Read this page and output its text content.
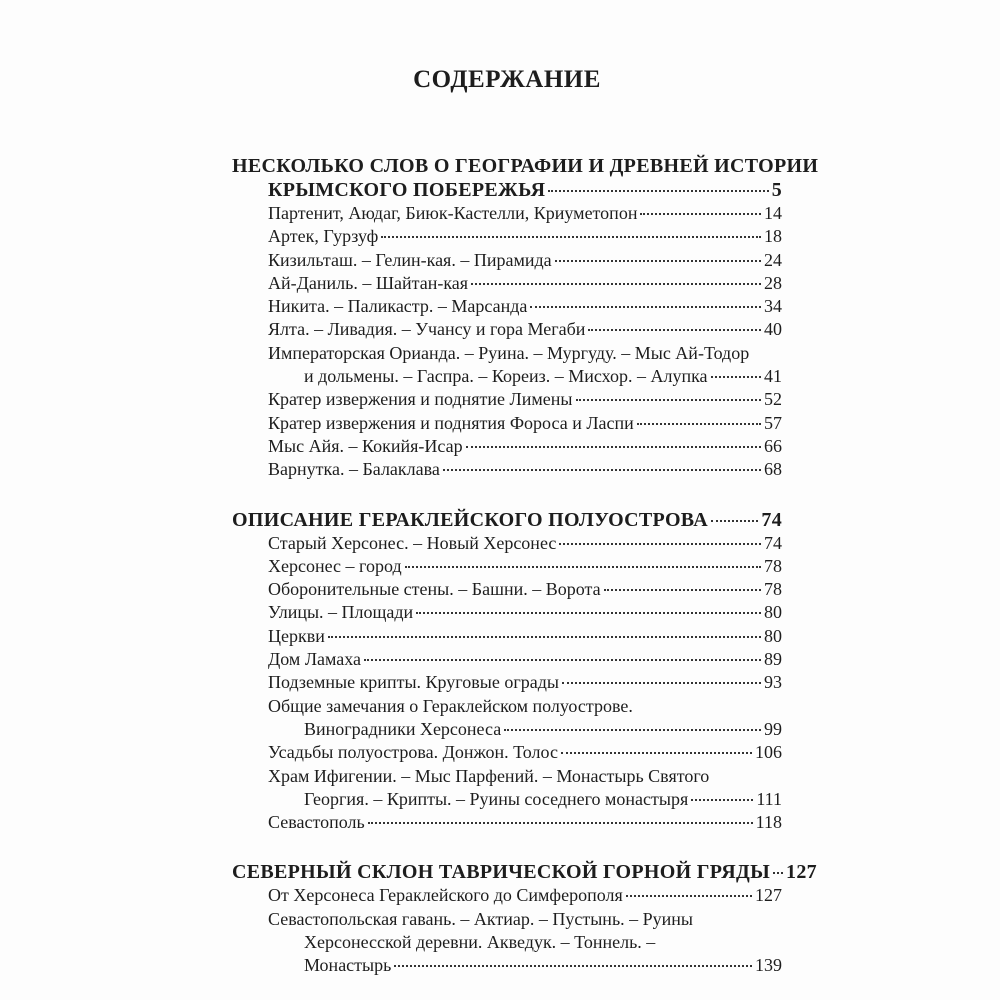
СОДЕРЖАНИЕ
НЕСКОЛЬКО СЛОВ О ГЕОГРАФИИ И ДРЕВНЕЙ ИСТОРИИ
КРЫМСКОГО ПОБЕРЕЖЬЯ	5
Партенит, Аюдаг, Биюк-Кастелли, Криуметопон	14
Артек, Гурзуф	18
Кизильташ. – Гелин-кая. – Пирамида	24
Ай-Даниль. – Шайтан-кая	28
Никита. – Паликастр. – Марсанда	34
Ялта. – Ливадия. – Учансу и гора Мегаби	40
Императорская Орианда. – Руина. – Мургуду. – Мыс Ай-Тодор
и дольмены. – Гаспра. – Кореиз. – Мисхор. – Алупка	41
Кратер извержения и поднятие Лимены	52
Кратер извержения и поднятия Фороса и Ласпи	57
Мыс Айя. – Кокийя-Исар	66
Варнутка. – Балаклава	68
ОПИСАНИЕ ГЕРАКЛЕЙСКОГО ПОЛУОСТРОВА	74
Старый Херсонес. – Новый Херсонес	74
Херсонес – город	78
Оборонительные стены. – Башни. – Ворота	78
Улицы. – Площади	80
Церкви	80
Дом Ламаха	89
Подземные крипты. Круговые ограды	93
Общие замечания о Гераклейском полуострове.
Виноградники Херсонеса	99
Усадьбы полуострова. Донжон. Толос	106
Храм Ифигении. – Мыс Парфений. – Монастырь Святого
Георгия. – Крипты. – Руины соседнего монастыря	111
Севастополь	118
СЕВЕРНЫЙ СКЛОН ТАВРИЧЕСКОЙ ГОРНОЙ ГРЯДЫ 127
От Херсонеса Гераклейского до Симферополя	127
Севастопольская гавань. – Актиар. – Пустынь. – Руины
Херсонесской деревни. Акведук. – Тоннель. –
Монастырь	139
